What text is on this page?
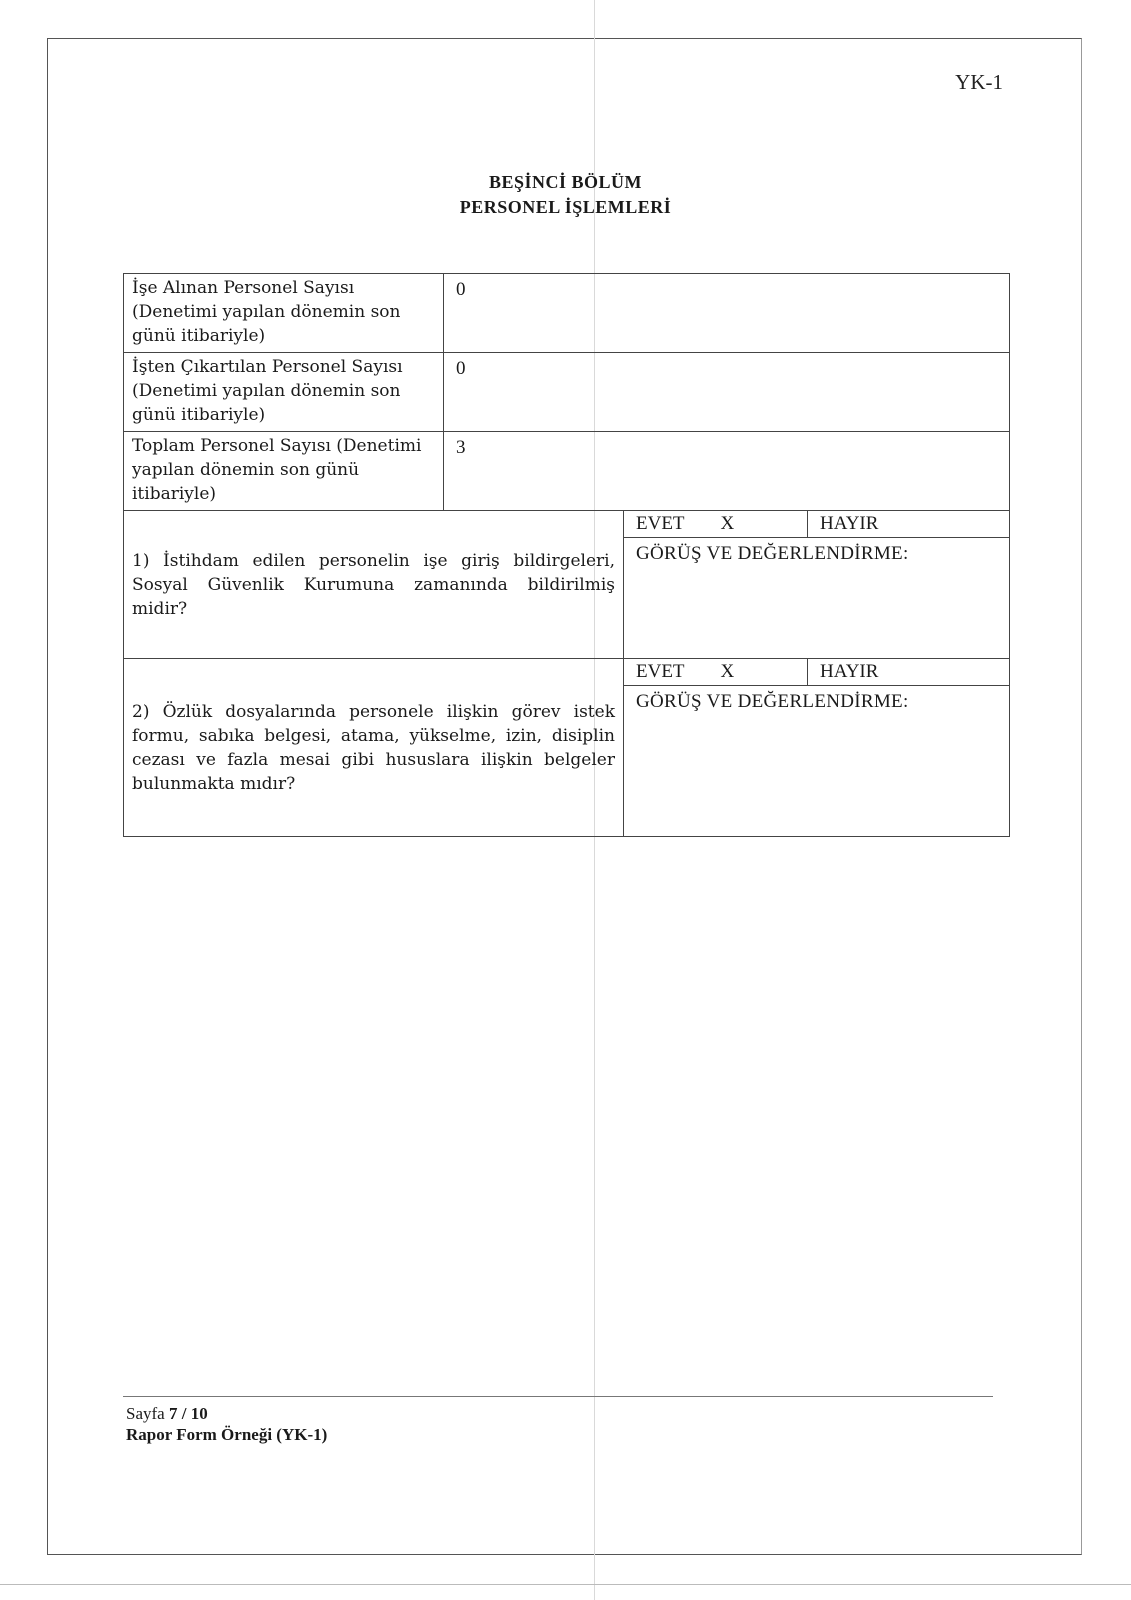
YK-1
BEŞİNCİ BÖLÜM
PERSONEL İŞLEMLERİ
İşe Alınan Personel Sayısı (Denetimi yapılan dönemin son günü itibariyle)	0	
İşten Çıkartılan Personel Sayısı (Denetimi yapılan dönemin son günü itibariyle)	0	
Toplam Personel Sayısı (Denetimi yapılan dönemin son günü itibariyle)	3	

1) İstihdam edilen personelin işe giriş bildirgeleri, Sosyal Güvenlik Kurumuna zamanında bildirilmiş midir?		EVET X HAYIR
GÖRÜŞ VE DEĞERLENDİRME:

2) Özlük dosyalarında personele ilişkin görev istek formu, sabıka belgesi, atama, yükselme, izin, disiplin cezası ve fazla mesai gibi hususlara ilişkin belgeler bulunmakta mıdır?		EVET X HAYIR
GÖRÜŞ VE DEĞERLENDİRME:
Sayfa 7 / 10
Rapor Form Örneği (YK-1)
